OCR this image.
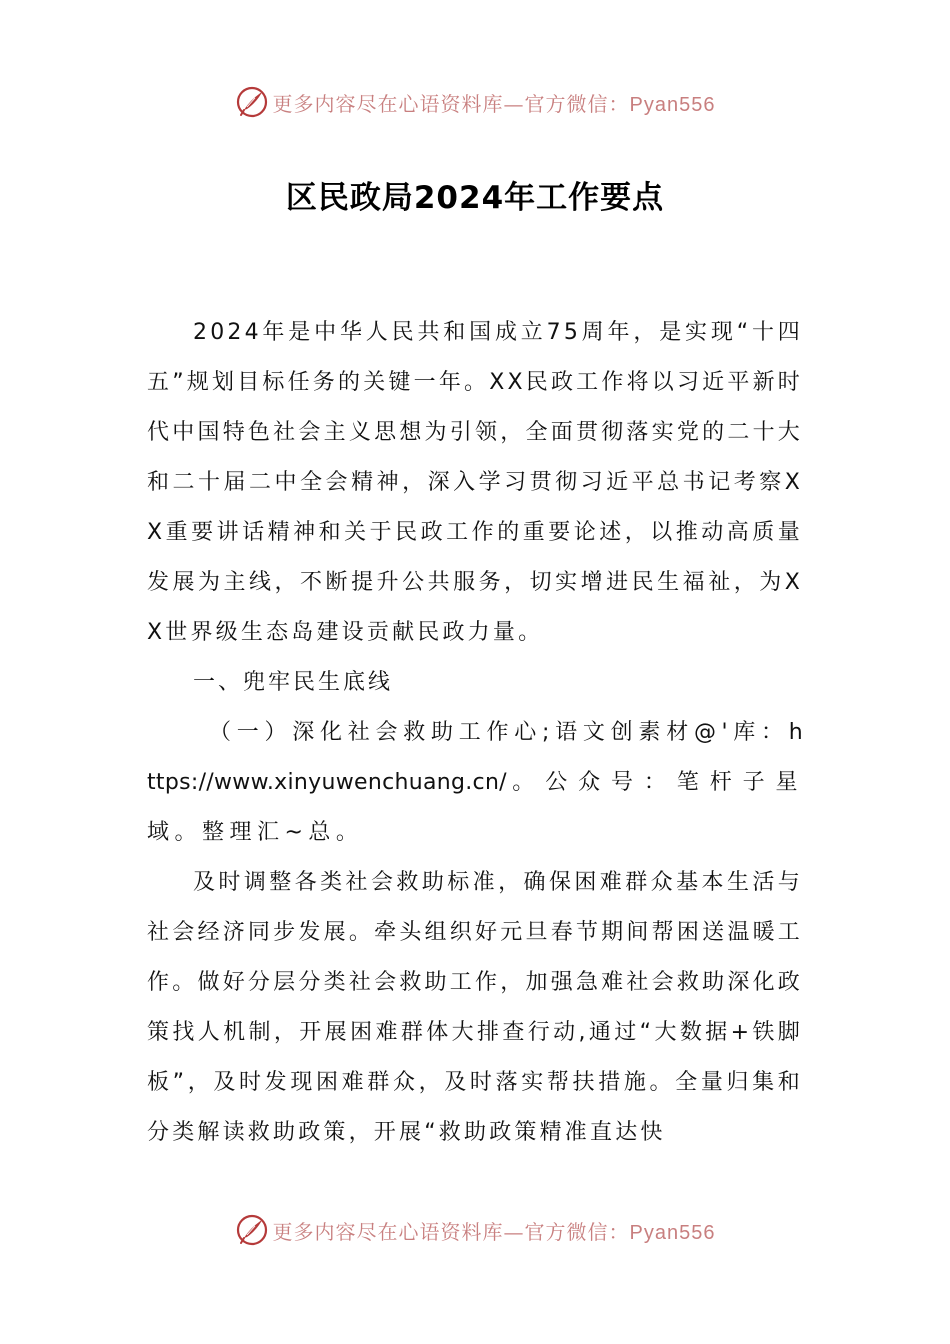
更多内容尽在心语资料库—官方微信：Pyan556
区民政局2024年工作要点

2024年是中华人民共和国成立75周年，是实现“十四五”规划目标任务的关键一年。XX民政工作将以习近平新时代中国特色社会主义思想为引领，全面贯彻落实党的二十大和二十届二中全会精神，深入学习贯彻习近平总书记考察XX重要讲话精神和关于民政工作的重要论述，以推动高质量发展为主线，不断提升公共服务，切实增进民生福祉，为XX世界级生态岛建设贡献民政力量。

一、兜牢民生底线

（一）深化社会救助工作心;语文创素材@'库：https://www.xinyuwenchuang.cn/。公众号：笔杆子星域。整理汇~总。

及时调整各类社会救助标准，确保困难群众基本生活与社会经济同步发展。牵头组织好元旦春节期间帮困送温暖工作。做好分层分类社会救助工作，加强急难社会救助深化政策找人机制，开展困难群体大排查行动,通过“大数据+铁脚板”，及时发现困难群众，及时落实帮扶措施。全量归集和分类解读救助政策，开展“救助政策精准直达快

更多内容尽在心语资料库—官方微信：Pyan556
